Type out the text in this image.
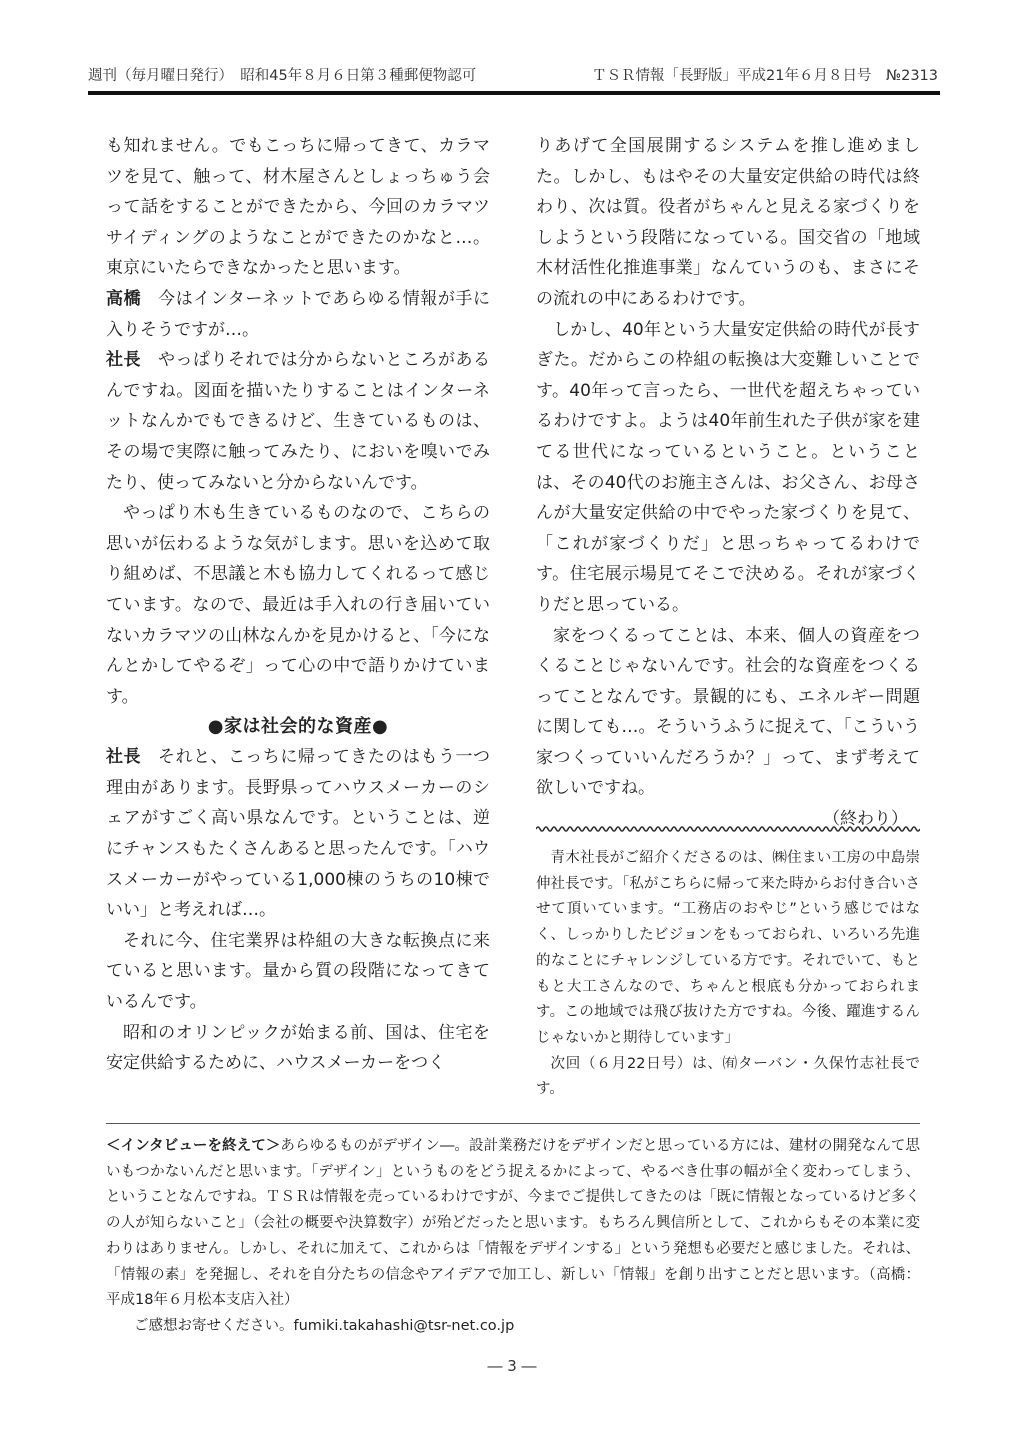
週刊（毎月曜日発行）　昭和45年８月６日第３種郵便物認可	ＴＳＲ情報「長野版」平成21年６月８日号　№2313

も知れません。でもこっちに帰ってきて、カラマツを見て、触って、材木屋さんとしょっちゅう会って話をすることができたから、今回のカラマツサイディングのようなことができたのかなと…。東京にいたらできなかったと思います。

高橋 今はインターネットであらゆる情報が手に入りそうですが…。

社長 やっぱりそれでは分からないところがあるんですね。図面を描いたりすることはインターネットなんかでもできるけど、生きているものは、その場で実際に触ってみたり、においを嗅いでみたり、使ってみないと分からないんです。

やっぱり木も生きているものなので、こちらの思いが伝わるような気がします。思いを込めて取り組めば、不思議と木も協力してくれるって感じています。なので、最近は手入れの行き届いていないカラマツの山林なんかを見かけると、「今になんとかしてやるぞ」って心の中で語りかけています。

●家は社会的な資産●

社長 それと、こっちに帰ってきたのはもう一つ理由があります。長野県ってハウスメーカーのシェアがすごく高い県なんです。ということは、逆にチャンスもたくさんあると思ったんです。「ハウスメーカーがやっている1,000棟のうちの10棟でいい」と考えれば…。

それに今、住宅業界は枠組の大きな転換点に来ていると思います。量から質の段階になってきているんです。

昭和のオリンピックが始まる前、国は、住宅を安定供給するために、ハウスメーカーをつく

りあげて全国展開するシステムを推し進めました。しかし、もはやその大量安定供給の時代は終わり、次は質。役者がちゃんと見える家づくりをしようという段階になっている。国交省の「地域木材活性化推進事業」なんていうのも、まさにその流れの中にあるわけです。

しかし、40年という大量安定供給の時代が長すぎた。だからこの枠組の転換は大変難しいことです。40年って言ったら、一世代を超えちゃっているわけですよ。ようは40年前生れた子供が家を建てる世代になっているということ。ということは、その40代のお施主さんは、お父さん、お母さんが大量安定供給の中でやった家づくりを見て、「これが家づくりだ」と思っちゃってるわけです。住宅展示場見てそこで決める。それが家づくりだと思っている。

家をつくるってことは、本来、個人の資産をつくることじゃないんです。社会的な資産をつくるってことなんです。景観的にも、エネルギー問題に関しても…。そういうふうに捉えて、「こういう家つくっていいんだろうか？」って、まず考えて欲しいですね。

（終わり）

青木社長がご紹介くださるのは、㈱住まい工房の中島崇伸社長です。「私がこちらに帰って来た時からお付き合いさせて頂いています。“工務店のおやじ”という感じではなく、しっかりしたビジョンをもっておられ、いろいろ先進的なことにチャレンジしている方です。それでいて、もともと大工さんなので、ちゃんと根底も分かっておられます。この地域では飛び抜けた方ですね。今後、躍進するんじゃないかと期待しています」

次回（６月22日号）は、㈲ターバン・久保竹志社長です。

＜インタビューを終えて＞あらゆるものがデザイン―。設計業務だけをデザインだと思っている方には、建材の開発なんて思いもつかないんだと思います。「デザイン」というものをどう捉えるかによって、やるべき仕事の幅が全く変わってしまう、ということなんですね。ＴＳＲは情報を売っているわけですが、今までご提供してきたのは「既に情報となっているけど多くの人が知らないこと」（会社の概要や決算数字）が殆どだったと思います。もちろん興信所として、これからもその本業に変わりはありません。しかし、それに加えて、これからは「情報をデザインする」という発想も必要だと感じました。それは、「情報の素」を発掘し、それを自分たちの信念やアイデアで加工し、新しい「情報」を創り出すことだと思います。（高橋：平成18年６月松本支店入社）

ご感想お寄せください。fumiki.takahashi@tsr-net.co.jp

― 3 ―
